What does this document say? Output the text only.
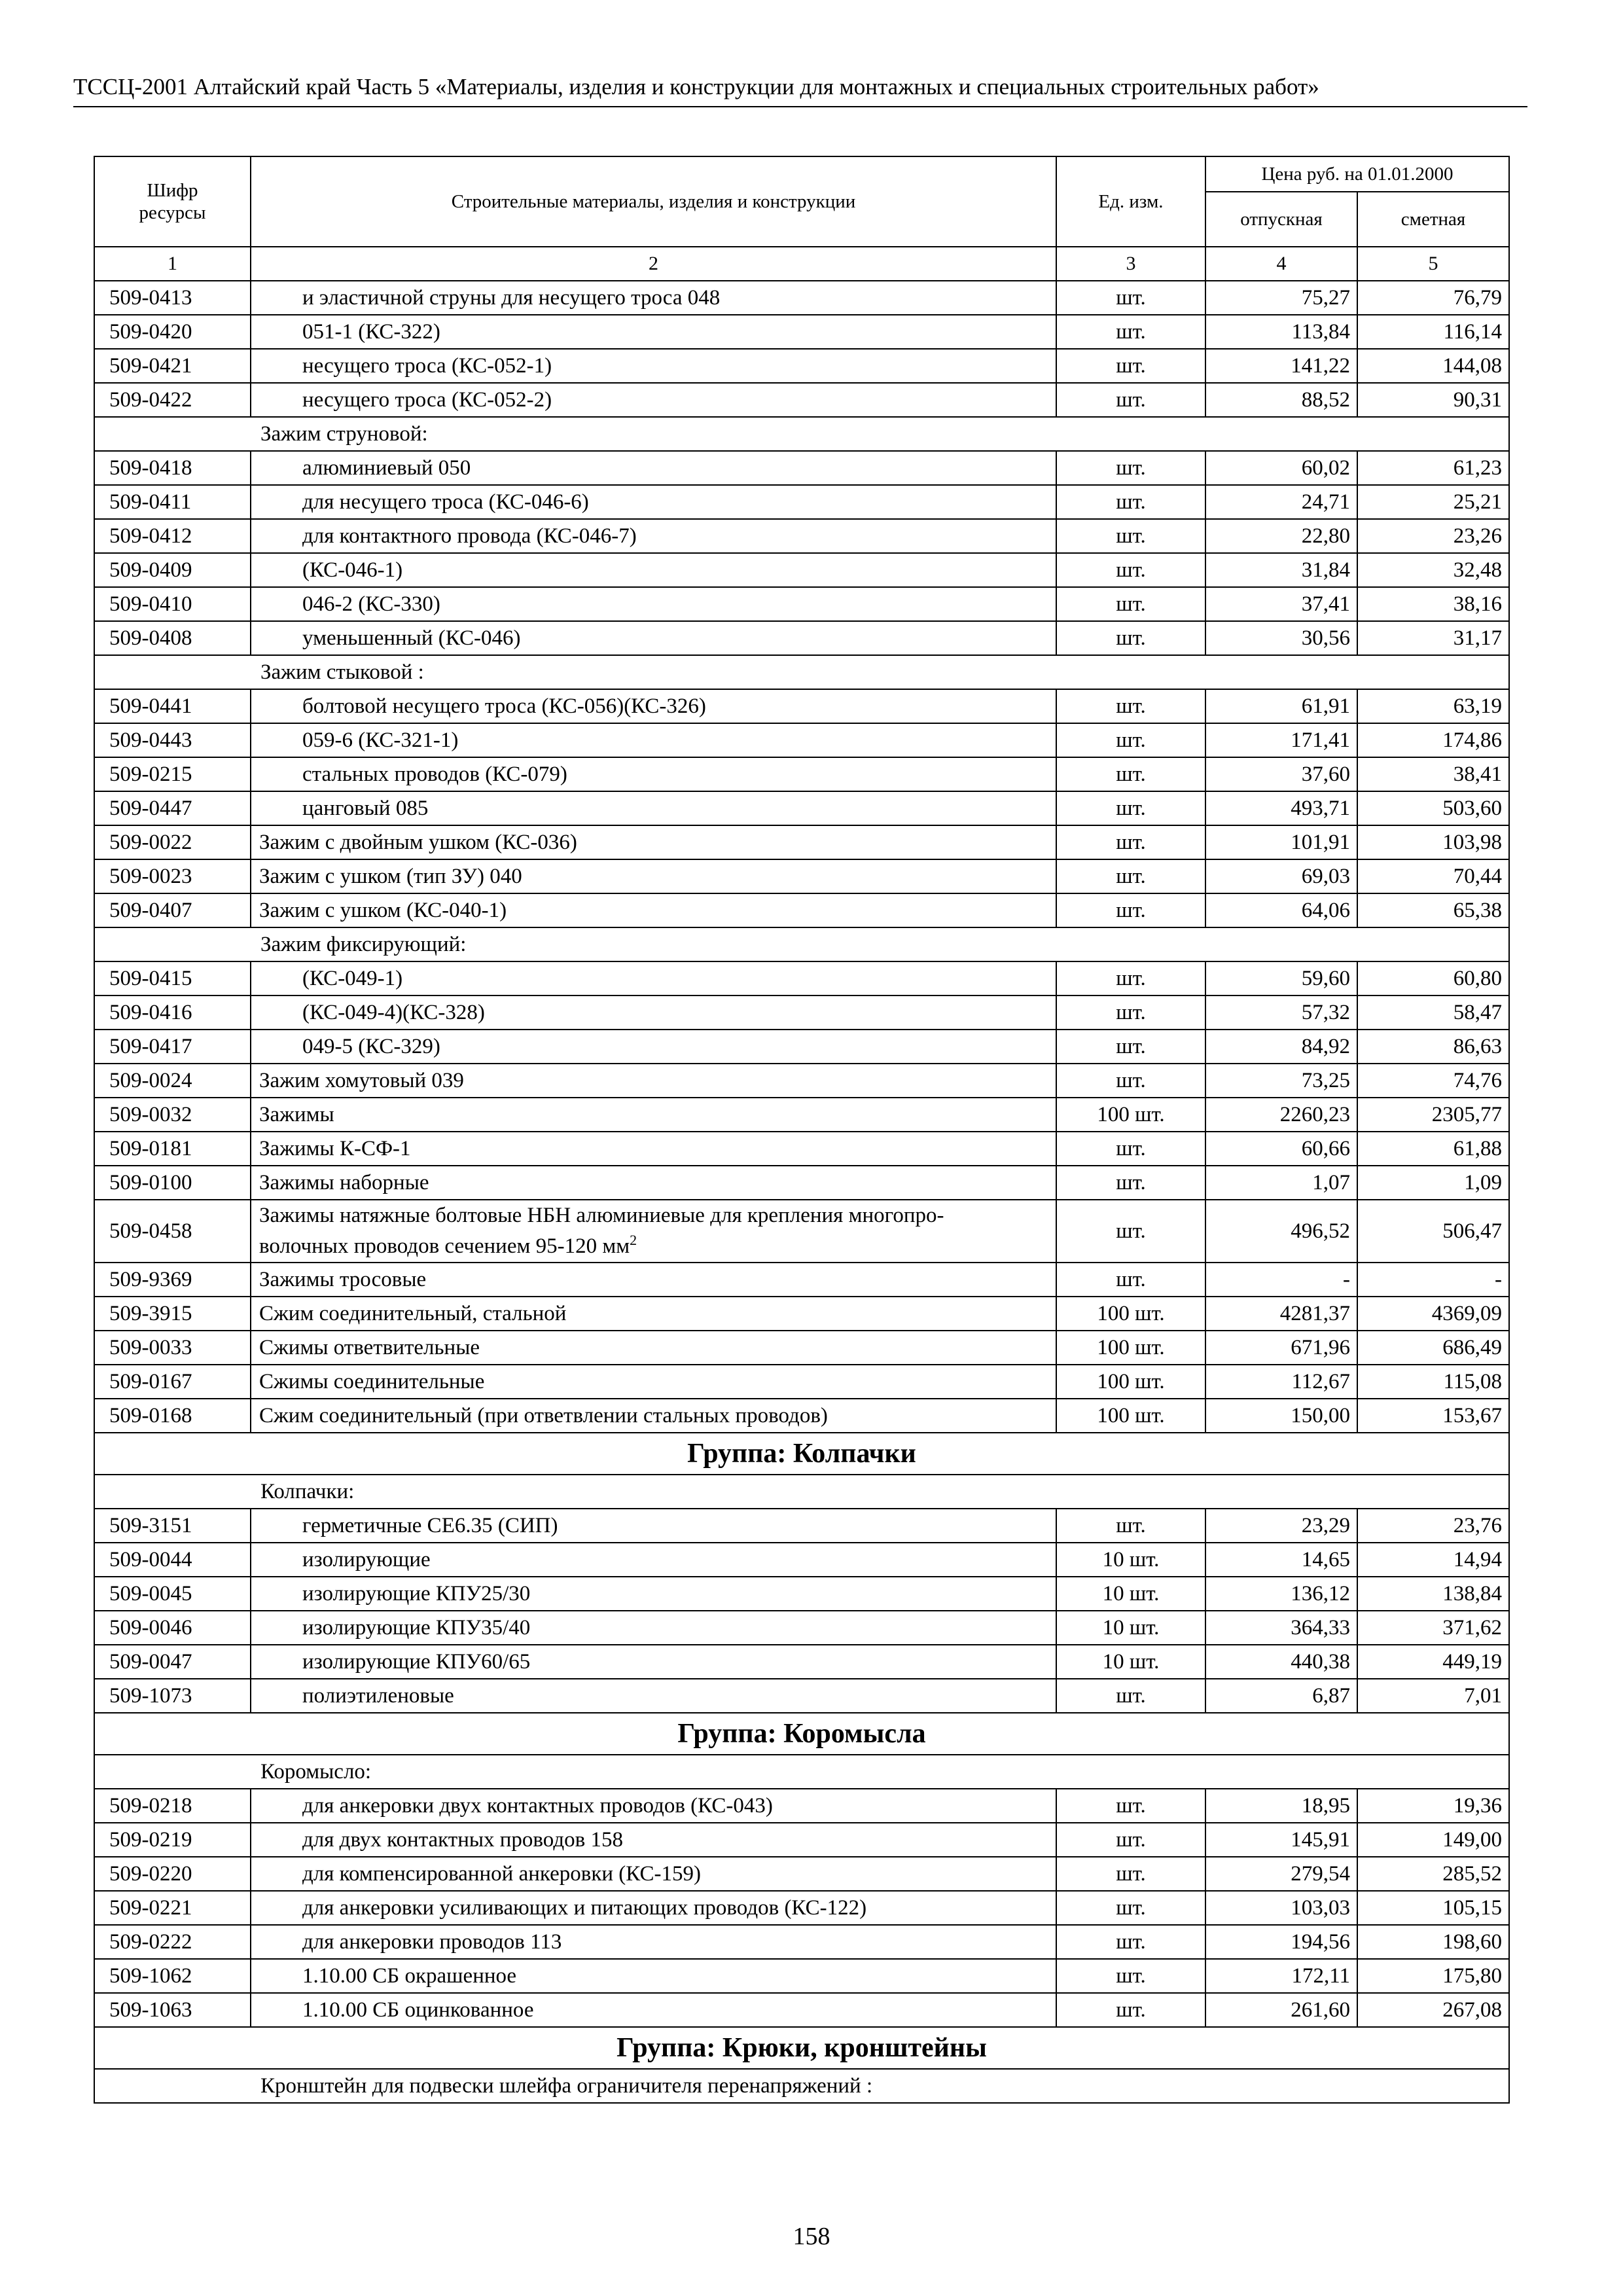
ТССЦ-2001 Алтайский край Часть 5 «Материалы, изделия и конструкции для монтажных и специальных строительных работ»
Шифр ресурсы	Строительные материалы, изделия и конструкции	Ед. изм.	Цена руб. на 01.01.2000	
			отпускная	сметная
1	2	3	4	5
509-0413	и эластичной струны для несущего троса 048	шт.	75,27	76,79
509-0420	051-1 (КС-322)	шт.	113,84	116,14
509-0421	несущего троса (КС-052-1)	шт.	141,22	144,08
509-0422	несущего троса (КС-052-2)	шт.	88,52	90,31
Зажим струновой:				
509-0418	алюминиевый 050	шт.	60,02	61,23
509-0411	для несущего троса (КС-046-6)	шт.	24,71	25,21
509-0412	для контактного провода (КС-046-7)	шт.	22,80	23,26
509-0409	(КС-046-1)	шт.	31,84	32,48
509-0410	046-2 (КС-330)	шт.	37,41	38,16
509-0408	уменьшенный (КС-046)	шт.	30,56	31,17
Зажим стыковой :				
509-0441	болтовой несущего троса (КС-056)(КС-326)	шт.	61,91	63,19
509-0443	059-6 (КС-321-1)	шт.	171,41	174,86
509-0215	стальных проводов (КС-079)	шт.	37,60	38,41
509-0447	цанговый 085	шт.	493,71	503,60
509-0022	Зажим с двойным ушком (КС-036)	шт.	101,91	103,98
509-0023	Зажим с ушком (тип ЗУ) 040	шт.	69,03	70,44
509-0407	Зажим с ушком (КС-040-1)	шт.	64,06	65,38
Зажим фиксирующий:				
509-0415	(КС-049-1)	шт.	59,60	60,80
509-0416	(КС-049-4)(КС-328)	шт.	57,32	58,47
509-0417	049-5 (КС-329)	шт.	84,92	86,63
509-0024	Зажим хомутовый 039	шт.	73,25	74,76
509-0032	Зажимы	100 шт.	2260,23	2305,77
509-0181	Зажимы К-СФ-1	шт.	60,66	61,88
509-0100	Зажимы наборные	шт.	1,07	1,09
509-0458	Зажимы натяжные болтовые НБН алюминиевые для крепления многопро-
волочных проводов сечением 95-120 $мм^2$	шт.	496,52	506,47
509-9369	Зажимы тросовые	шт.	-	-
509-3915	Сжим соединительный, стальной	100 шт.	4281,37	4369,09
509-0033	Сжимы ответвительные	100 шт.	671,96	686,49
509-0167	Сжимы соединительные	100 шт.	112,67	115,08
509-0168	Сжим соединительный (при ответвлении стальных проводов)	100 шт.	150,00	153,67
Группа: Колпачки				
Колпачки:				
509-3151	герметичные СЕ6.35 (СИП)	шт.	23,29	23,76
509-0044	изолирующие	10 шт.	14,65	14,94
509-0045	изолирующие КПУ25/30	10 шт.	136,12	138,84
509-0046	изолирующие КПУ35/40	10 шт.	364,33	371,62
509-0047	изолирующие КПУ60/65	10 шт.	440,38	449,19
509-1073	полиэтиленовые	шт.	6,87	7,01
Группа: Коромысла				
Коромысло:				
509-0218	для анкеровки двух контактных проводов (КС-043)	шт.	18,95	19,36
509-0219	для двух контактных проводов 158	шт.	145,91	149,00
509-0220	для компенсированной анкеровки (КС-159)	шт.	279,54	285,52
509-0221	для анкеровки усиливающих и питающих проводов (КС-122)	шт.	103,03	105,15
509-0222	для анкеровки проводов 113	шт.	194,56	198,60
509-1062	1.10.00 СБ окрашенное	шт.	172,11	175,80
509-1063	1.10.00 СБ оцинкованное	шт.	261,60	267,08
Группа: Крюки, кронштейны				
Кронштейн для подвески шлейфа ограничителя перенапряжений :				
158
